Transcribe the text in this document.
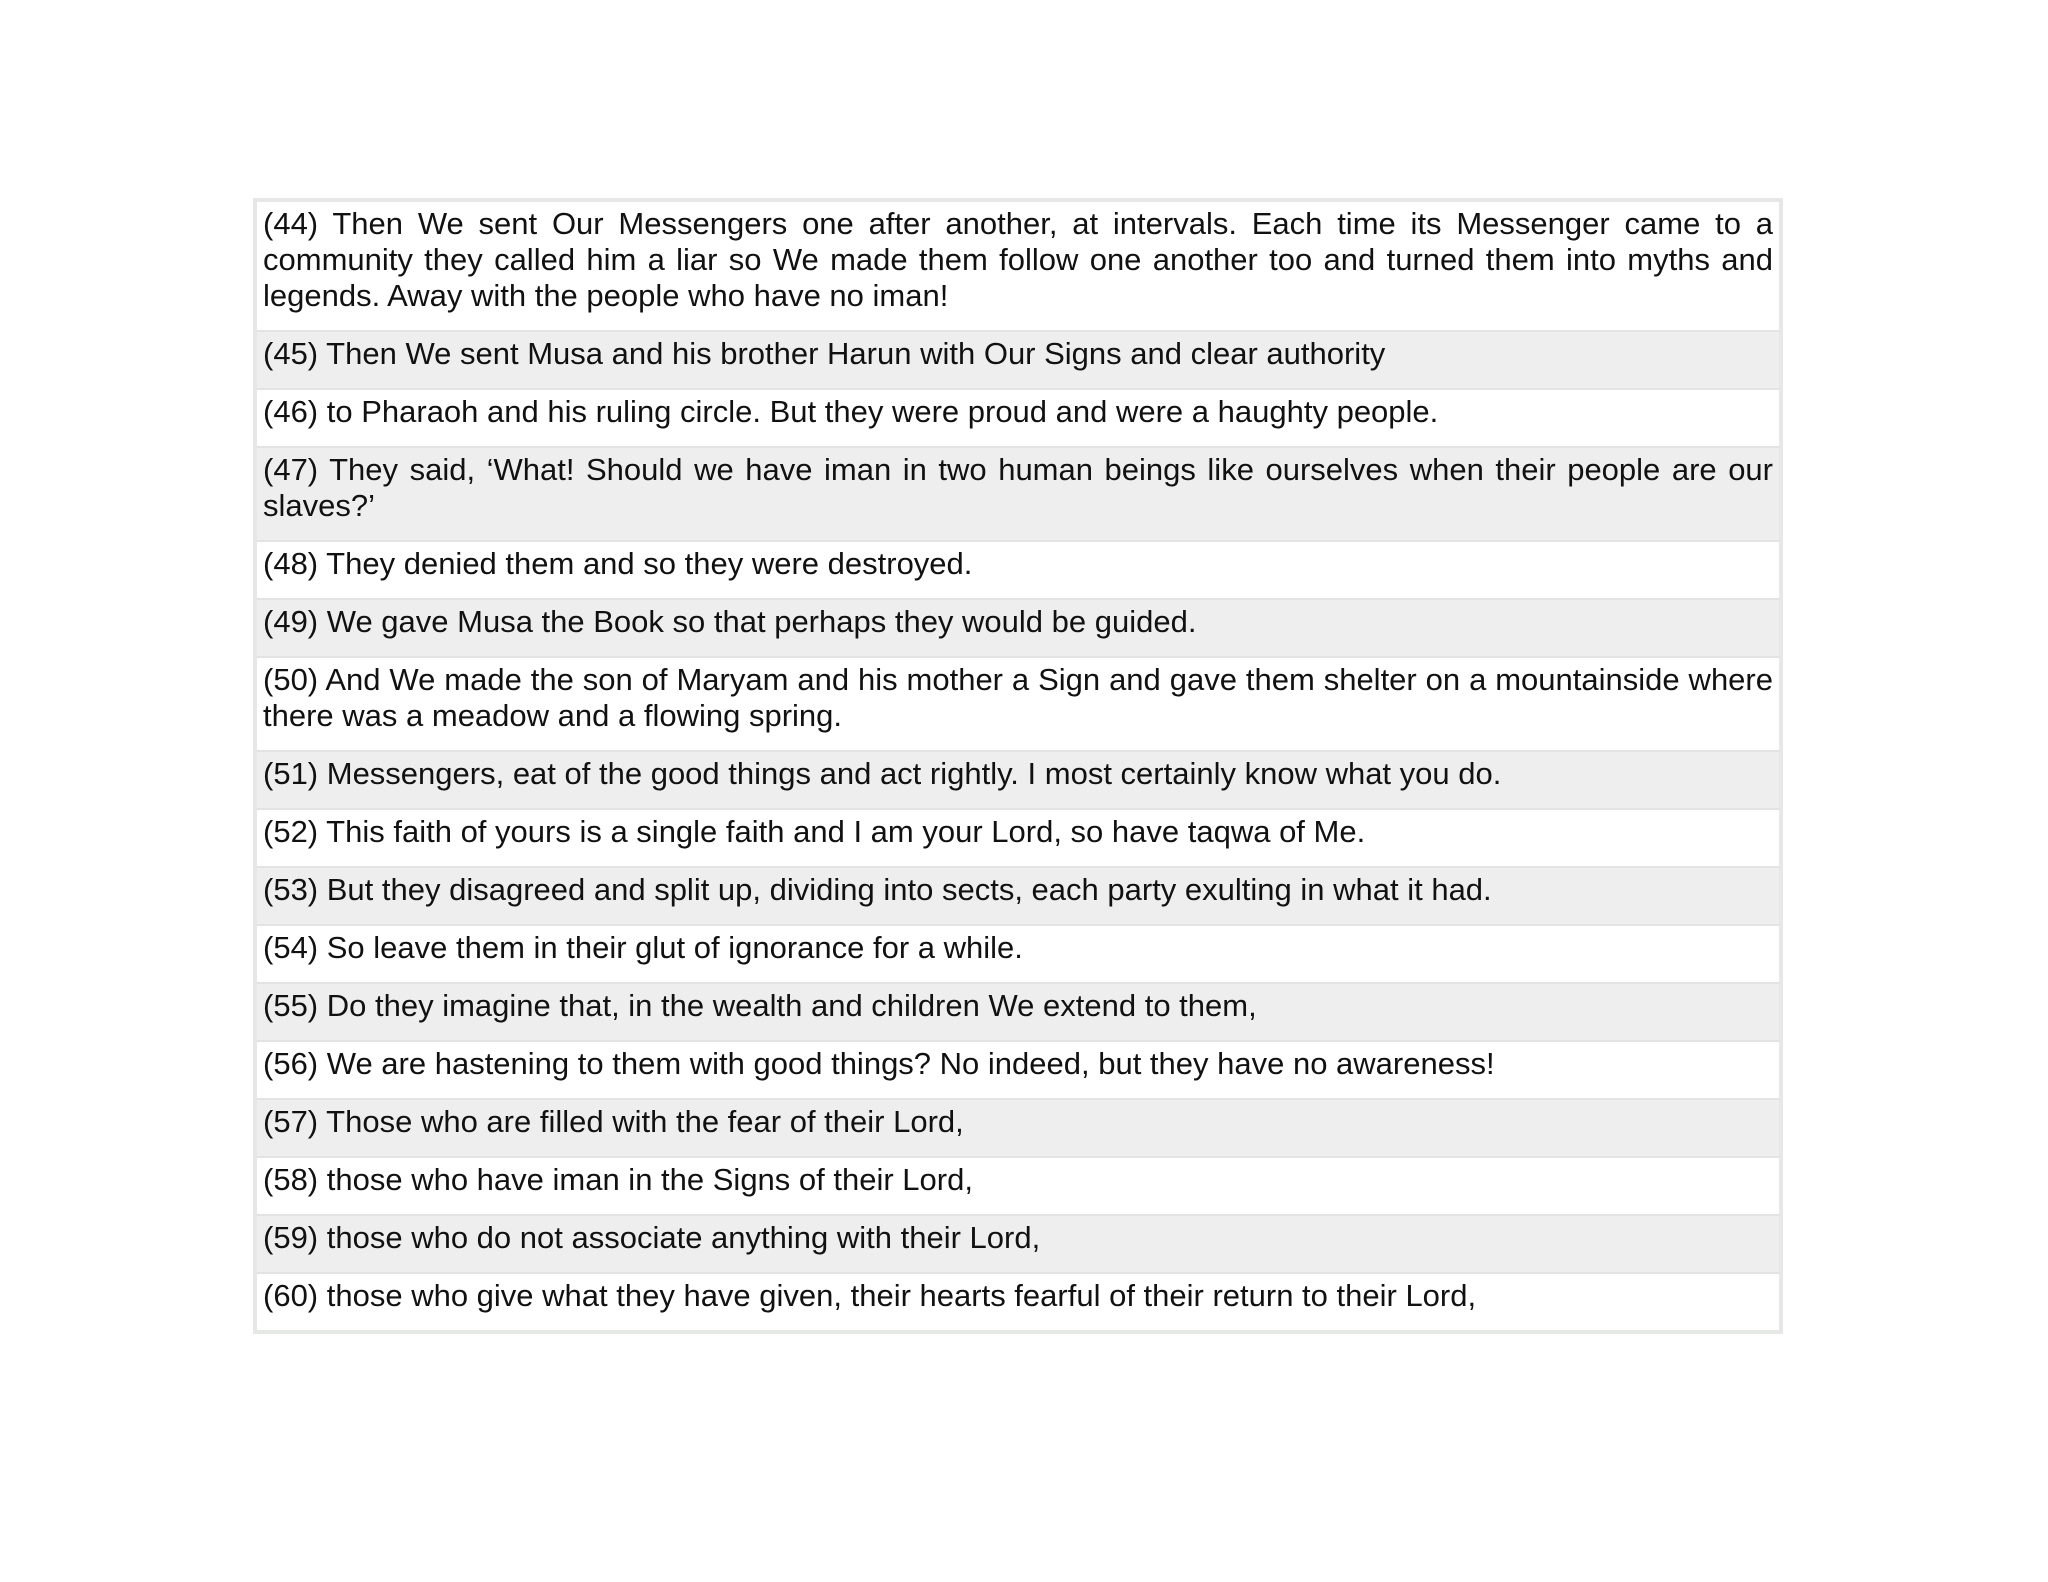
(44) Then We sent Our Messengers one after another, at intervals. Each time its Messenger came to a community they called him a liar so We made them follow one another too and turned them into myths and legends. Away with the people who have no iman!
(45) Then We sent Musa and his brother Harun with Our Signs and clear authority
(46) to Pharaoh and his ruling circle. But they were proud and were a haughty people.
(47) They said, ‘What! Should we have iman in two human beings like ourselves when their people are our slaves?’
(48) They denied them and so they were destroyed.
(49) We gave Musa the Book so that perhaps they would be guided.
(50) And We made the son of Maryam and his mother a Sign and gave them shelter on a mountainside where there was a meadow and a flowing spring.
(51) Messengers, eat of the good things and act rightly. I most certainly know what you do.
(52) This faith of yours is a single faith and I am your Lord, so have taqwa of Me.
(53) But they disagreed and split up, dividing into sects, each party exulting in what it had.
(54) So leave them in their glut of ignorance for a while.
(55) Do they imagine that, in the wealth and children We extend to them,
(56) We are hastening to them with good things? No indeed, but they have no awareness!
(57) Those who are filled with the fear of their Lord,
(58) those who have iman in the Signs of their Lord,
(59) those who do not associate anything with their Lord,
(60) those who give what they have given, their hearts fearful of their return to their Lord,
